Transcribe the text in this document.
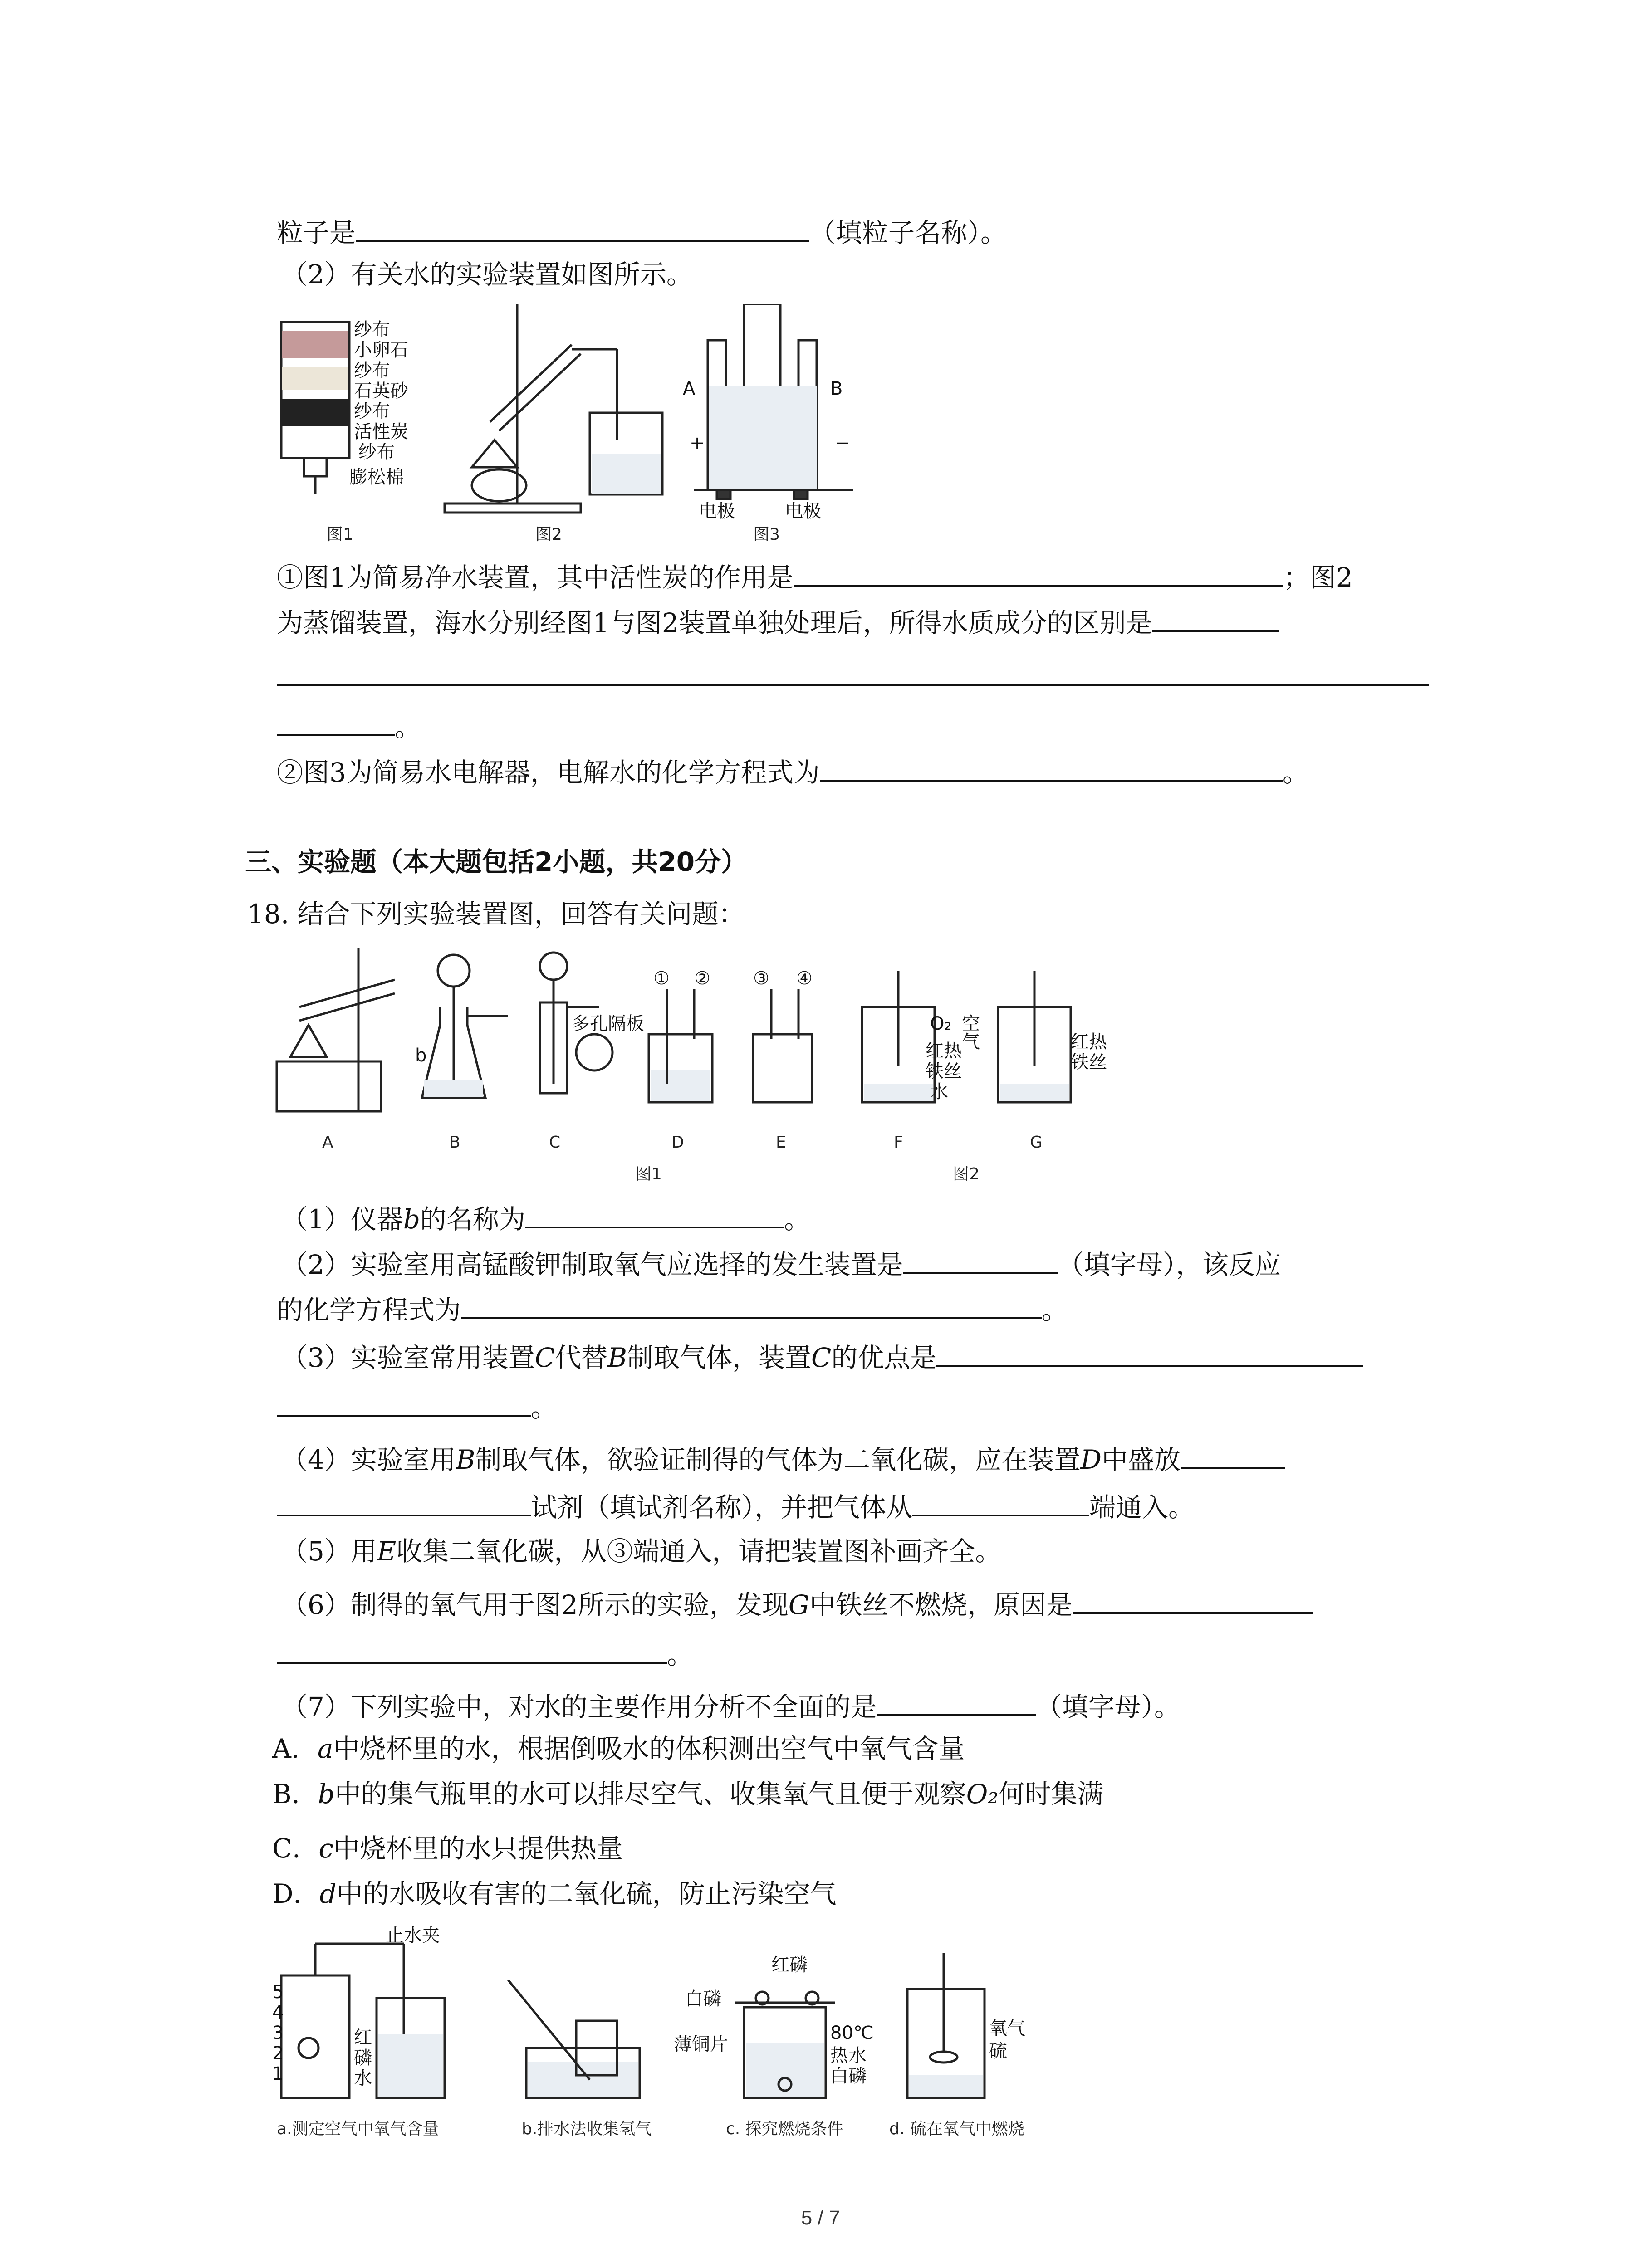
粒子是	（填粒子名称）。
（2）有关水的实验装置如图所示。
纱布
小卵石
纱布
石英砂
纱布
活性炭
纱布
膨松棉
图1	图2
A	B
+	−
电极	电极
图3
①图1为简易净水装置，其中活性炭的作用是	；图2
为蒸馏装置，海水分别经图1与图2装置单独处理后，所得水质成分的区别是
。
②图3为简易水电解器，电解水的化学方程式为	。
三、实验题（本大题包括2小题，共20分）
18. 结合下列实验装置图，回答有关问题：
A
b
B
多孔隔板
C
① ②
D
③ ④
E
O₂ 空
气
红热
铁丝
水
F
红热
铁丝
G
图1	图2
（1）仪器b的名称为	。
（2）实验室用高锰酸钾制取氧气应选择的发生装置是	（填字母），该反应
的化学方程式为	。
（3）实验室常用装置C代替B制取气体，装置C的优点是
。
（4）实验室用B制取气体，欲验证制得的气体为二氧化碳，应在装置D中盛放
试剂（填试剂名称），并把气体从	端通入。
（5）用E收集二氧化碳，从③端通入，请把装置图补画齐全。
（6）制得的氧气用于图2所示的实验，发现G中铁丝不燃烧，原因是
。
（7）下列实验中，对水的主要作用分析不全面的是	（填字母）。
A．a中烧杯里的水，根据倒吸水的体积测出空气中氧气含量
B．b中的集气瓶里的水可以排尽空气、收集氧气且便于观察O₂何时集满
C．c中烧杯里的水只提供热量
D．d中的水吸收有害的二氧化硫，防止污染空气
止水夹
5
4
3
2
1
红
磷
水
a.测定空气中氧气含量	b.排水法收集氢气
红磷
白磷
薄铜片
80℃
热水
白磷
c. 探究燃烧条件
氧气
硫
d. 硫在氧气中燃烧
5 / 7
